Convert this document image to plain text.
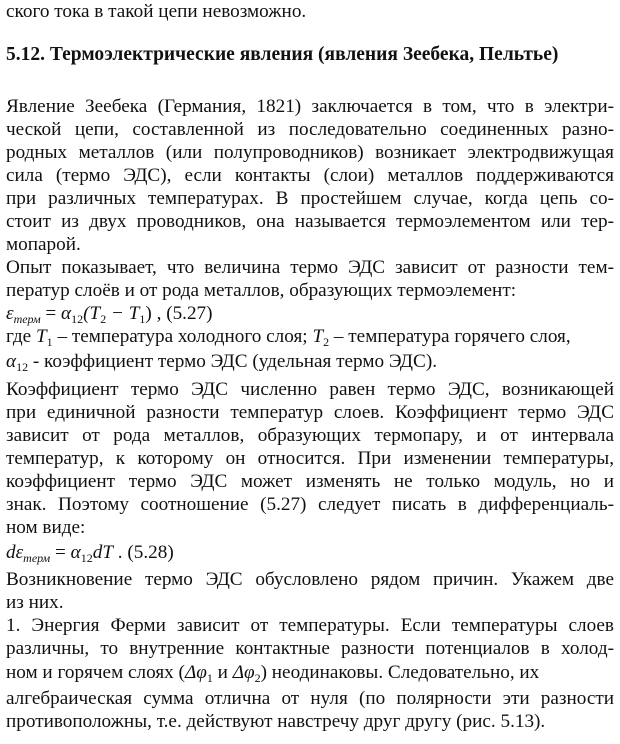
ского тока в такой цепи невозможно.
5.12. Термоэлектрические явления (явления Зеебека, Пельтье)
Явление Зеебека (Германия, 1821) заключается в том, что в электри-
ческой цепи, составленной из последовательно соединенных разно-
родных металлов (или полупроводников) возникает электродвижущая
сила (термо ЭДС), если контакты (слои) металлов поддерживаются
при различных температурах. В простейшем случае, когда цепь со-
стоит из двух проводников, она называется термоэлементом или тер-
мопарой.
Опыт показывает, что величина термо ЭДС зависит от разности тем-
ператур слоёв и от рода металлов, образующих термоэлемент:
$\varepsilon_{терм} = \alpha_{12}(T_2 - T_1)$ , (5.27)
где $T_1$ – температура холодного слоя; $T_2$ – температура горячего слоя,
$\alpha_{12}$ - коэффициент термо ЭДС (удельная термо ЭДС).
Коэффициент термо ЭДС численно равен термо ЭДС, возникающей
при единичной разности температур слоев. Коэффициент термо ЭДС
зависит от рода металлов, образующих термопару, и от интервала
температур, к которому он относится. При изменении температуры,
коэффициент термо ЭДС может изменять не только модуль, но и
знак. Поэтому соотношение (5.27) следует писать в дифференциаль-
ном виде:
$d\varepsilon_{терм} = \alpha_{12}dT$ . (5.28)
Возникновение термо ЭДС обусловлено рядом причин. Укажем две
из них.
1. Энергия Ферми зависит от температуры. Если температуры слоев
различны, то внутренние контактные разности потенциалов в холод-
ном и горячем слоях ($\Delta\varphi_1$ и $\Delta\varphi_2$) неодинаковы. Следовательно, их
алгебраическая сумма отлична от нуля (по полярности эти разности
противоположны, т.е. действуют навстречу друг другу (рис. 5.13).
